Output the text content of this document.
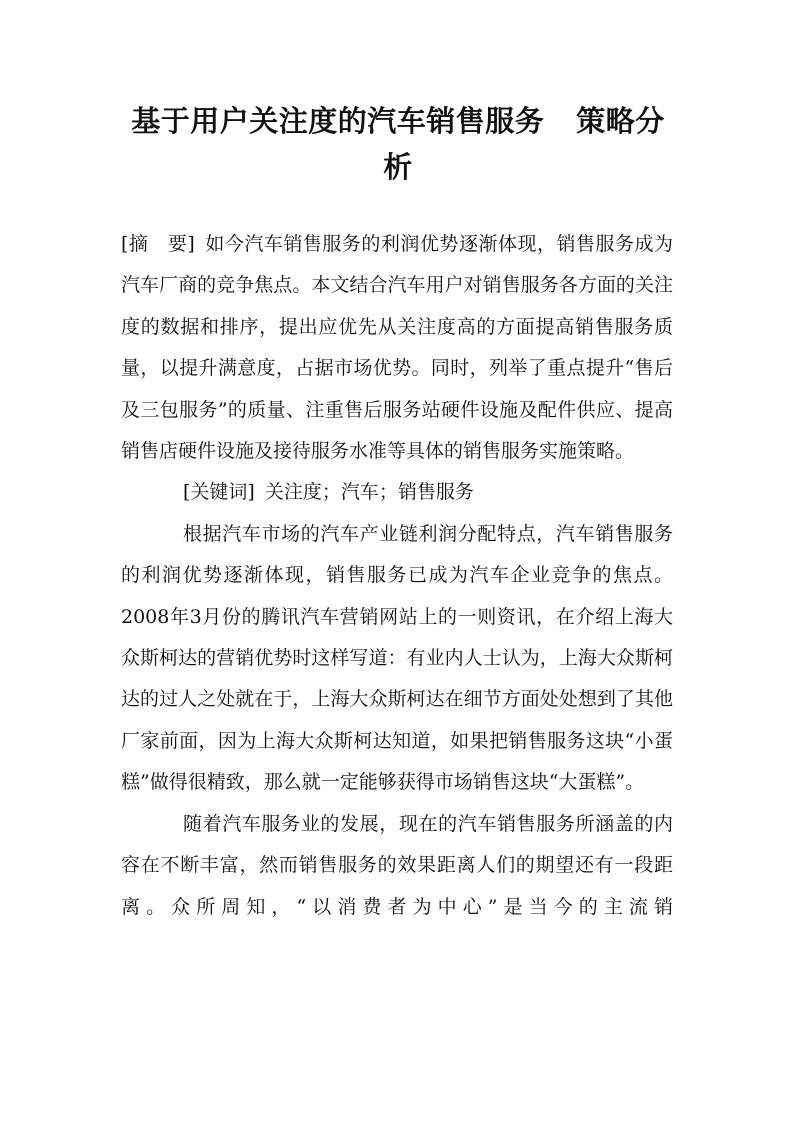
基于用户关注度的汽车销售服务 策略分析

[摘　要] 如今汽车销售服务的利润优势逐渐体现，销售服务成为汽车厂商的竞争焦点。本文结合汽车用户对销售服务各方面的关注度的数据和排序，提出应优先从关注度高的方面提高销售服务质量，以提升满意度，占据市场优势。同时，列举了重点提升“售后及三包服务”的质量、注重售后服务站硬件设施及配件供应、提高销售店硬件设施及接待服务水准等具体的销售服务实施策略。

[关键词] 关注度；汽车；销售服务

根据汽车市场的汽车产业链利润分配特点，汽车销售服务的利润优势逐渐体现，销售服务已成为汽车企业竞争的焦点。2008年3月份的腾讯汽车营销网站上的一则资讯，在介绍上海大众斯柯达的营销优势时这样写道：有业内人士认为，上海大众斯柯达的过人之处就在于，上海大众斯柯达在细节方面处处想到了其他厂家前面，因为上海大众斯柯达知道，如果把销售服务这块“小蛋糕”做得很精致，那么就一定能够获得市场销售这块“大蛋糕”。

随着汽车服务业的发展，现在的汽车销售服务所涵盖的内容在不断丰富，然而销售服务的效果距离人们的期望还有一段距离。众所周知，“以消费者为中心”是当今的主流销
